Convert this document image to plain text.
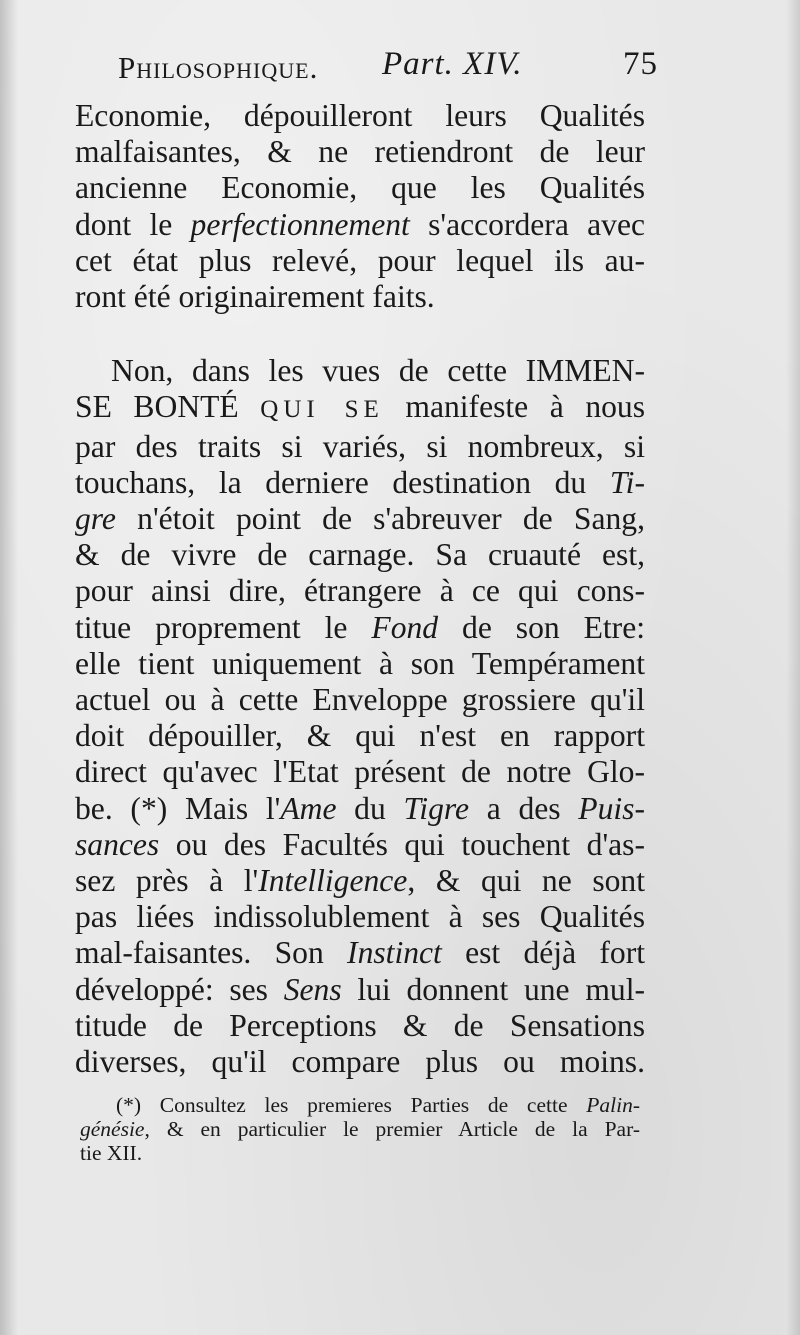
Philosophique. Part. XIV.	75
Economie, dépouilleront leurs Qualités
malfaisantes, & ne retiendront de leur
ancienne Economie, que les Qualités
dont le perfectionnement s'accordera avec
cet état plus relevé, pour lequel ils au-
ront été originairement faits.
Non, dans les vues de cette IMMEN-
SE BONTÉ QUI SE manifeste à nous
par des traits si variés, si nombreux, si
touchans, la derniere destination du Ti-
gre n'étoit point de s'abreuver de Sang,
& de vivre de carnage. Sa cruauté est,
pour ainsi dire, étrangere à ce qui cons-
titue proprement le Fond de son Etre:
elle tient uniquement à son Tempérament
actuel ou à cette Enveloppe grossiere qu'il
doit dépouiller, & qui n'est en rapport
direct qu'avec l'Etat présent de notre Glo-
be. (*) Mais l'Ame du Tigre a des Puis-
sances ou des Facultés qui touchent d'as-
sez près à l'Intelligence, & qui ne sont
pas liées indissolublement à ses Qualités
mal-faisantes. Son Instinct est déjà fort
développé: ses Sens lui donnent une mul-
titude de Perceptions & de Sensations
diverses, qu'il compare plus ou moins.
(*) Consultez les premieres Parties de cette Palin-
génésie, & en particulier le premier Article de la Par-
tie XII.
